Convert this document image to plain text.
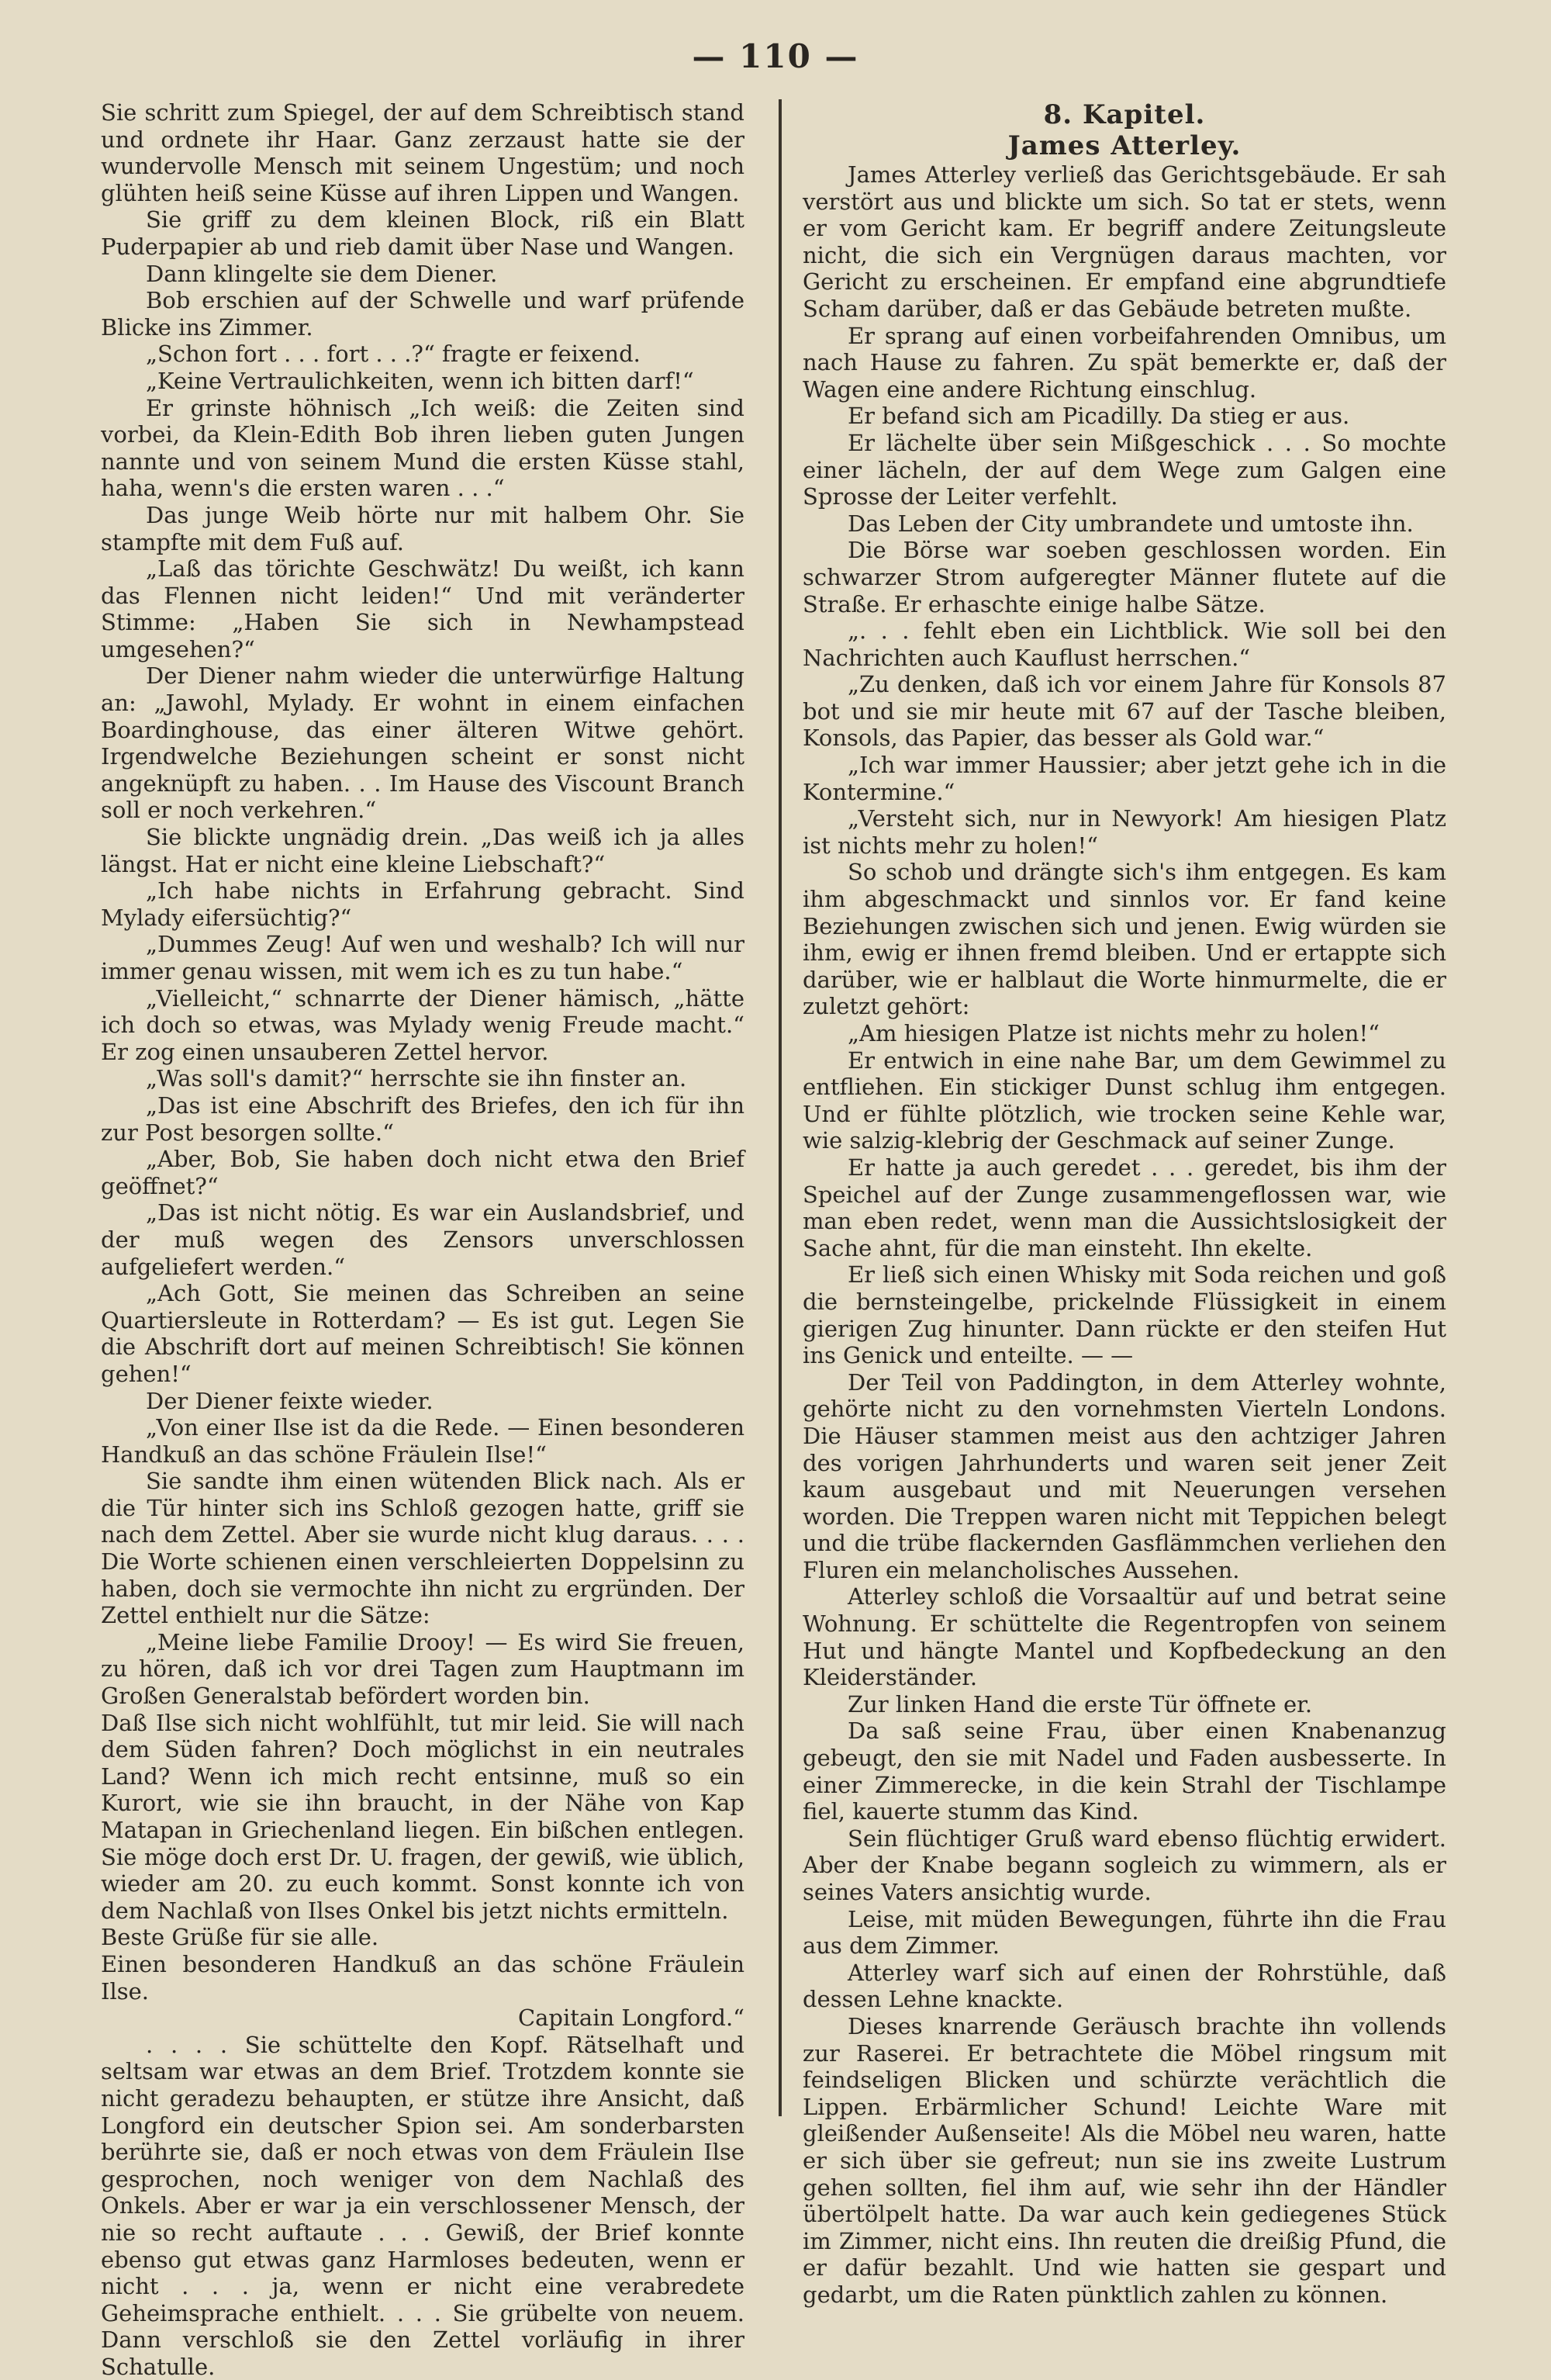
— 110 —

Sie schritt zum Spiegel, der auf dem Schreibtisch stand und ordnete ihr Haar. Ganz zerzaust hatte sie der wundervolle Mensch mit seinem Ungestüm; und noch glühten heiß seine Küsse auf ihren Lippen und Wangen.

Sie griff zu dem kleinen Block, riß ein Blatt Puderpapier ab und rieb damit über Nase und Wangen.

Dann klingelte sie dem Diener.

Bob erschien auf der Schwelle und warf prüfende Blicke ins Zimmer.

„Schon fort . . . fort . . .?“ fragte er feixend.

„Keine Vertraulichkeiten, wenn ich bitten darf!“

Er grinste höhnisch „Ich weiß: die Zeiten sind vorbei, da Klein-Edith Bob ihren lieben guten Jungen nannte und von seinem Mund die ersten Küsse stahl, haha, wenn's die ersten waren . . .“

Das junge Weib hörte nur mit halbem Ohr. Sie stampfte mit dem Fuß auf.

„Laß das törichte Geschwätz! Du weißt, ich kann das Flennen nicht leiden!“ Und mit veränderter Stimme: „Haben Sie sich in Newhampstead umgesehen?“

Der Diener nahm wieder die unterwürfige Haltung an: „Jawohl, Mylady. Er wohnt in einem einfachen Boardinghouse, das einer älteren Witwe gehört. Irgendwelche Beziehungen scheint er sonst nicht angeknüpft zu haben. . . Im Hause des Viscount Branch soll er noch verkehren.“

Sie blickte ungnädig drein. „Das weiß ich ja alles längst. Hat er nicht eine kleine Liebschaft?“

„Ich habe nichts in Erfahrung gebracht. Sind Mylady eifersüchtig?“

„Dummes Zeug! Auf wen und weshalb? Ich will nur immer genau wissen, mit wem ich es zu tun habe.“

„Vielleicht,“ schnarrte der Diener hämisch, „hätte ich doch so etwas, was Mylady wenig Freude macht.“ Er zog einen unsauberen Zettel hervor.

„Was soll's damit?“ herrschte sie ihn finster an.

„Das ist eine Abschrift des Briefes, den ich für ihn zur Post besorgen sollte.“

„Aber, Bob, Sie haben doch nicht etwa den Brief geöffnet?“

„Das ist nicht nötig. Es war ein Auslandsbrief, und der muß wegen des Zensors unverschlossen aufgeliefert werden.“

„Ach Gott, Sie meinen das Schreiben an seine Quartiersleute in Rotterdam? — Es ist gut. Legen Sie die Abschrift dort auf meinen Schreibtisch! Sie können gehen!“

Der Diener feixte wieder.

„Von einer Ilse ist da die Rede. — Einen besonderen Handkuß an das schöne Fräulein Ilse!“

Sie sandte ihm einen wütenden Blick nach. Als er die Tür hinter sich ins Schloß gezogen hatte, griff sie nach dem Zettel. Aber sie wurde nicht klug daraus. . . . Die Worte schienen einen verschleierten Doppelsinn zu haben, doch sie vermochte ihn nicht zu ergründen. Der Zettel enthielt nur die Sätze:

„Meine liebe Familie Drooy! — Es wird Sie freuen, zu hören, daß ich vor drei Tagen zum Hauptmann im Großen Generalstab befördert worden bin.

Daß Ilse sich nicht wohlfühlt, tut mir leid. Sie will nach dem Süden fahren? Doch möglichst in ein neutrales Land? Wenn ich mich recht entsinne, muß so ein Kurort, wie sie ihn braucht, in der Nähe von Kap Matapan in Griechenland liegen. Ein bißchen entlegen. Sie möge doch erst Dr. U. fragen, der gewiß, wie üblich, wieder am 20. zu euch kommt. Sonst konnte ich von dem Nachlaß von Ilses Onkel bis jetzt nichts ermitteln.

Beste Grüße für sie alle.

Einen besonderen Handkuß an das schöne Fräulein Ilse.

Capitain Longford.“

. . . . Sie schüttelte den Kopf. Rätselhaft und seltsam war etwas an dem Brief. Trotzdem konnte sie nicht geradezu behaupten, er stütze ihre Ansicht, daß Longford ein deutscher Spion sei. Am sonderbarsten berührte sie, daß er noch etwas von dem Fräulein Ilse gesprochen, noch weniger von dem Nachlaß des Onkels. Aber er war ja ein verschlossener Mensch, der nie so recht auftaute . . . Gewiß, der Brief konnte ebenso gut etwas ganz Harmloses bedeuten, wenn er nicht . . . ja, wenn er nicht eine verabredete Geheimsprache enthielt. . . . Sie grübelte von neuem. Dann verschloß sie den Zettel vorläufig in ihrer Schatulle.

8. Kapitel.
James Atterley.

James Atterley verließ das Gerichtsgebäude. Er sah verstört aus und blickte um sich. So tat er stets, wenn er vom Gericht kam. Er begriff andere Zeitungsleute nicht, die sich ein Vergnügen daraus machten, vor Gericht zu erscheinen. Er empfand eine abgrundtiefe Scham darüber, daß er das Gebäude betreten mußte.

Er sprang auf einen vorbeifahrenden Omnibus, um nach Hause zu fahren. Zu spät bemerkte er, daß der Wagen eine andere Richtung einschlug.

Er befand sich am Picadilly. Da stieg er aus.

Er lächelte über sein Mißgeschick . . . So mochte einer lächeln, der auf dem Wege zum Galgen eine Sprosse der Leiter verfehlt.

Das Leben der City umbrandete und umtoste ihn.

Die Börse war soeben geschlossen worden. Ein schwarzer Strom aufgeregter Männer flutete auf die Straße. Er erhaschte einige halbe Sätze.

„. . . fehlt eben ein Lichtblick. Wie soll bei den Nachrichten auch Kauflust herrschen.“

„Zu denken, daß ich vor einem Jahre für Konsols 87 bot und sie mir heute mit 67 auf der Tasche bleiben, Konsols, das Papier, das besser als Gold war.“

„Ich war immer Haussier; aber jetzt gehe ich in die Kontermine.“

„Versteht sich, nur in Newyork! Am hiesigen Platz ist nichts mehr zu holen!“

So schob und drängte sich's ihm entgegen. Es kam ihm abgeschmackt und sinnlos vor. Er fand keine Beziehungen zwischen sich und jenen. Ewig würden sie ihm, ewig er ihnen fremd bleiben. Und er ertappte sich darüber, wie er halblaut die Worte hinmurmelte, die er zuletzt gehört:

„Am hiesigen Platze ist nichts mehr zu holen!“

Er entwich in eine nahe Bar, um dem Gewimmel zu entfliehen. Ein stickiger Dunst schlug ihm entgegen. Und er fühlte plötzlich, wie trocken seine Kehle war, wie salzig-klebrig der Geschmack auf seiner Zunge.

Er hatte ja auch geredet . . . geredet, bis ihm der Speichel auf der Zunge zusammengeflossen war, wie man eben redet, wenn man die Aussichtslosigkeit der Sache ahnt, für die man einsteht. Ihn ekelte.

Er ließ sich einen Whisky mit Soda reichen und goß die bernsteingelbe, prickelnde Flüssigkeit in einem gierigen Zug hinunter. Dann rückte er den steifen Hut ins Genick und enteilte. — —

Der Teil von Paddington, in dem Atterley wohnte, gehörte nicht zu den vornehmsten Vierteln Londons. Die Häuser stammen meist aus den achtziger Jahren des vorigen Jahrhunderts und waren seit jener Zeit kaum ausgebaut und mit Neuerungen versehen worden. Die Treppen waren nicht mit Teppichen belegt und die trübe flackernden Gasflämmchen verliehen den Fluren ein melancholisches Aussehen.

Atterley schloß die Vorsaaltür auf und betrat seine Wohnung. Er schüttelte die Regentropfen von seinem Hut und hängte Mantel und Kopfbedeckung an den Kleiderständer.

Zur linken Hand die erste Tür öffnete er.

Da saß seine Frau, über einen Knabenanzug gebeugt, den sie mit Nadel und Faden ausbesserte. In einer Zimmerecke, in die kein Strahl der Tischlampe fiel, kauerte stumm das Kind.

Sein flüchtiger Gruß ward ebenso flüchtig erwidert. Aber der Knabe begann sogleich zu wimmern, als er seines Vaters ansichtig wurde.

Leise, mit müden Bewegungen, führte ihn die Frau aus dem Zimmer.

Atterley warf sich auf einen der Rohrstühle, daß dessen Lehne knackte.

Dieses knarrende Geräusch brachte ihn vollends zur Raserei. Er betrachtete die Möbel ringsum mit feindseligen Blicken und schürzte verächtlich die Lippen. Erbärmlicher Schund! Leichte Ware mit gleißender Außenseite! Als die Möbel neu waren, hatte er sich über sie gefreut; nun sie ins zweite Lustrum gehen sollten, fiel ihm auf, wie sehr ihn der Händler übertölpelt hatte. Da war auch kein gediegenes Stück im Zimmer, nicht eins. Ihn reuten die dreißig Pfund, die er dafür bezahlt. Und wie hatten sie gespart und gedarbt, um die Raten pünktlich zahlen zu können.
